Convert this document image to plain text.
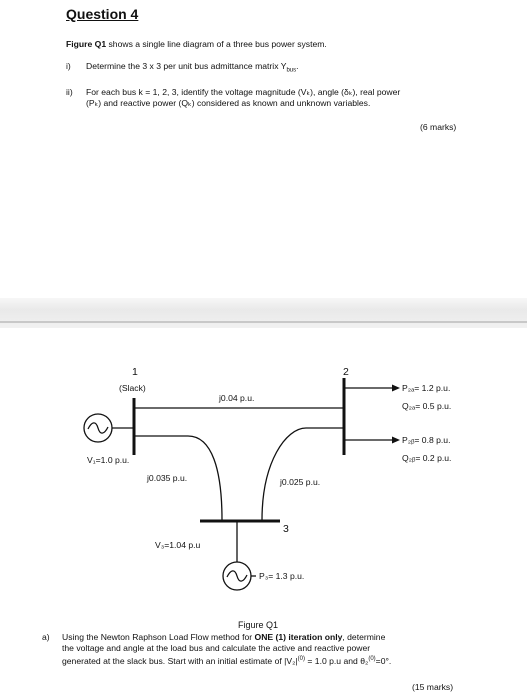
Question 4
Figure Q1 shows a single line diagram of a three bus power system.
i) Determine the 3 x 3 per unit bus admittance matrix $Y_{bus}$.
ii) For each bus k = 1, 2, 3, identify the voltage magnitude (Vₖ), angle (δₖ), real power
(Pₖ) and reactive power (Qₖ) considered as known and unknown variables.
(6 marks)
1
(Slack)
V₁=1.0 p.u.
j0.04 p.u.
2
P₂ₐ= 1.2 p.u.
Q₂ₐ= 0.5 p.u.
P₂ᵦ= 0.8 p.u.
Q₂ᵦ= 0.2 p.u.
j0.035 p.u.	j0.025 p.u.
3
V₃=1.04 p.u
P₃= 1.3 p.u.
Figure Q1
a) Using the Newton Raphson Load Flow method for ONE (1) iteration only, determine
the voltage and angle at the load bus and calculate the active and reactive power
generated at the slack bus. Start with an initial estimate of $|V_2|^{(0)} = 1.0$ p.u and θ₂$^{(0)}$=0°.
(15 marks)
